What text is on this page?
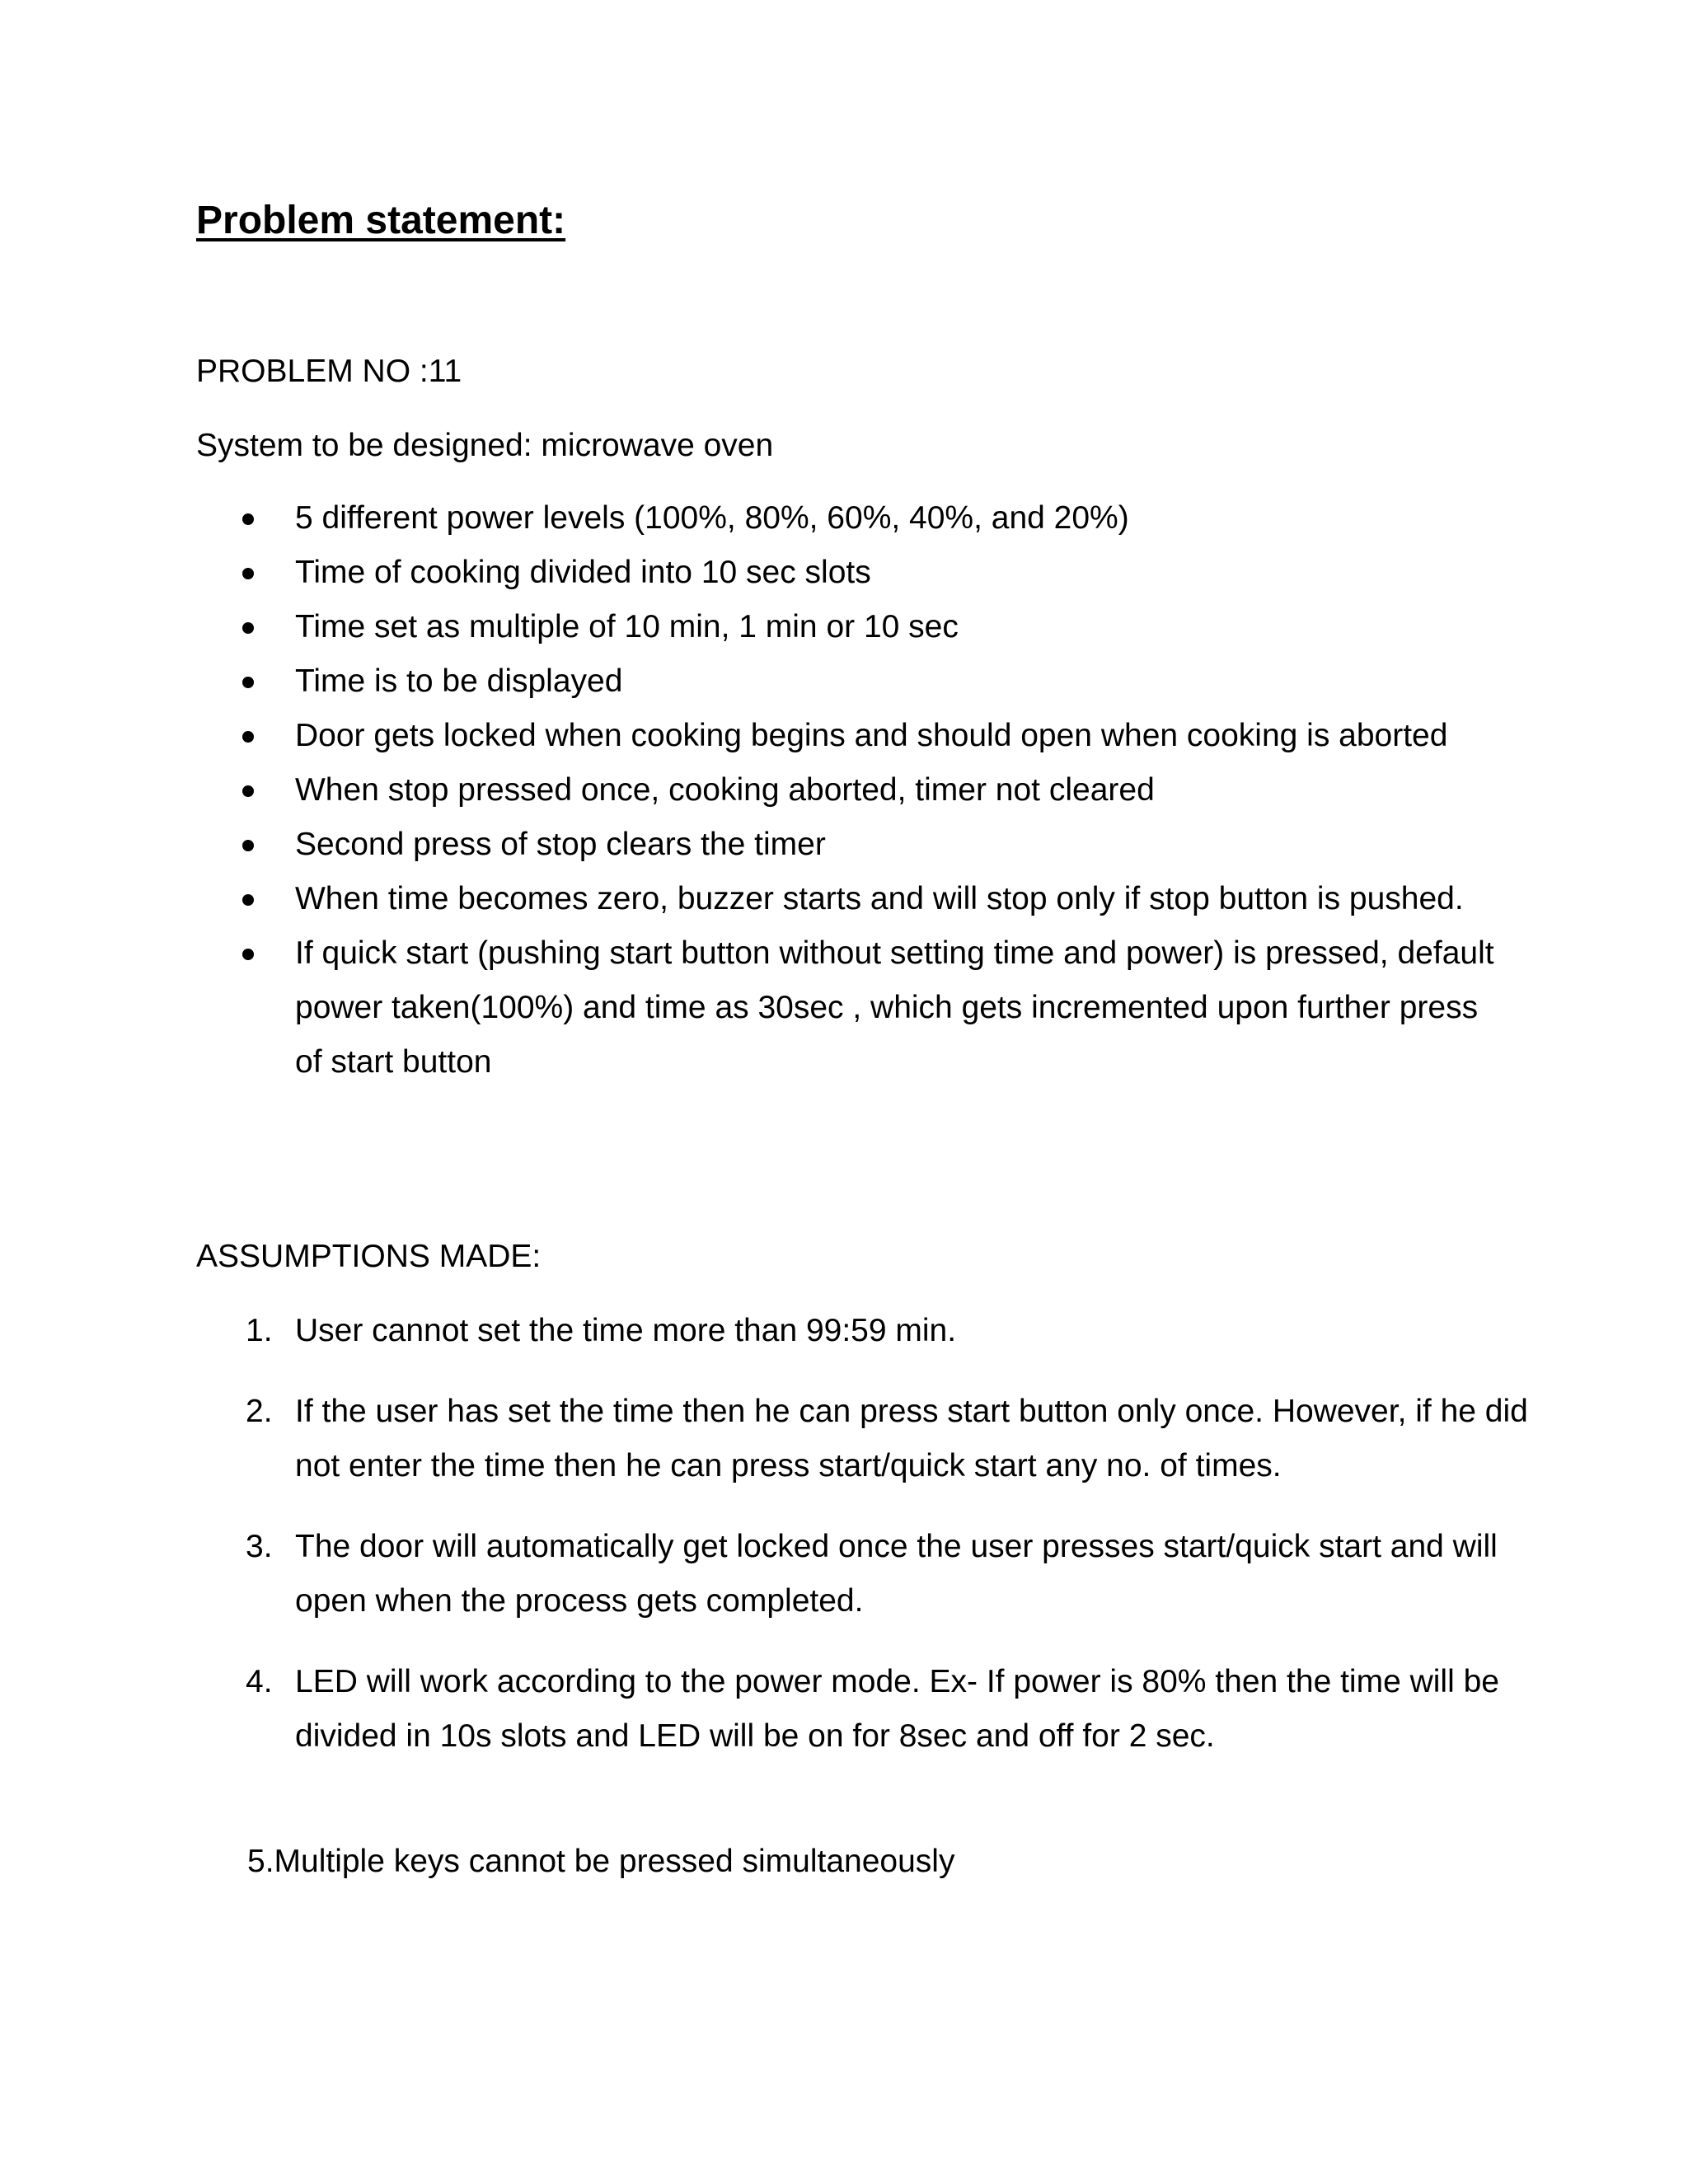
Problem statement:
PROBLEM NO :11
System to be designed: microwave oven
5 different power levels (100%, 80%, 60%, 40%, and 20%)
Time of cooking divided into 10 sec slots
Time set as multiple of 10 min, 1 min or 10 sec
Time is to be displayed
Door gets locked when cooking begins and should open when cooking is aborted
When stop pressed once, cooking aborted, timer not cleared
Second press of stop clears the timer
When time becomes zero, buzzer starts and will stop only if stop button is pushed.
If quick start (pushing start button without setting time and power) is pressed, default power taken(100%) and time as 30sec , which gets incremented upon further press of start button
ASSUMPTIONS MADE:
1. User cannot set the time more than 99:59 min.
2. If the user has set the time then he can press start button only once. However, if he did not enter the time then he can press start/quick start any no. of times.
3. The door will automatically get locked once the user presses start/quick start and will open when the process gets completed.
4. LED will work according to the power mode. Ex- If power is 80% then the time will be divided in 10s slots and LED will be on for 8sec and off for 2 sec.
5.Multiple keys cannot be pressed simultaneously
